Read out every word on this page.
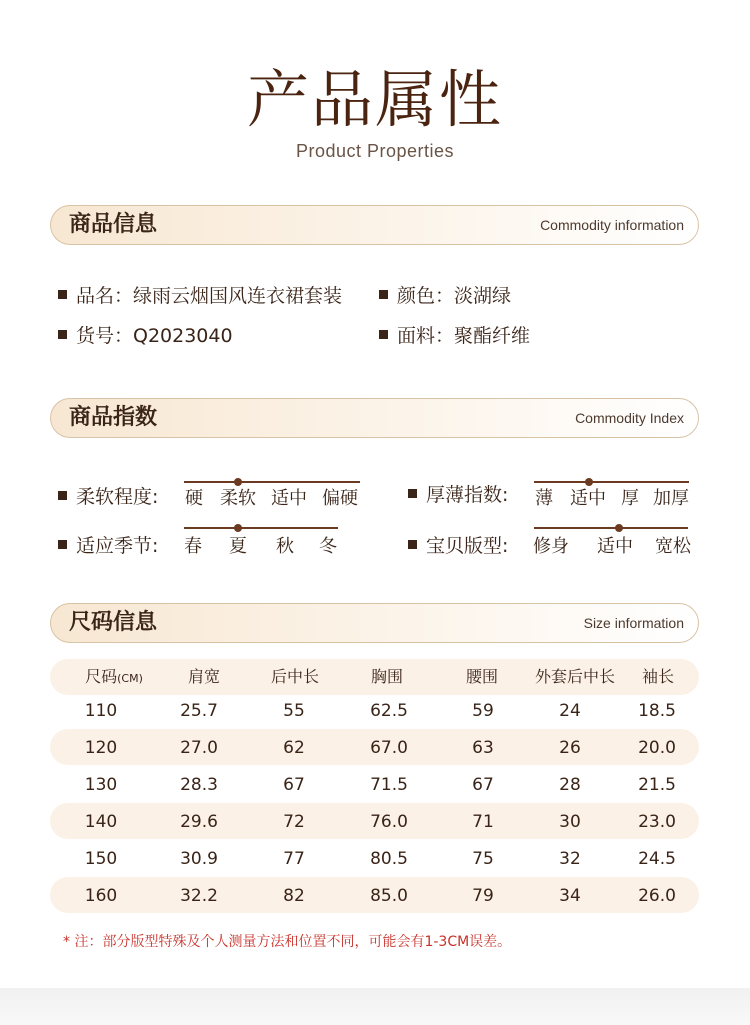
产品属性
Product Properties
商品信息	Commodity information
品名：绿雨云烟国风连衣裙套装	颜色：淡湖绿
货号：Q2023040	面料：聚酯纤维
商品指数	Commodity Index
柔软程度: 硬 柔软 适中 偏硬	厚薄指数: 薄 适中 厚 加厚
适应季节: 春 夏 秋 冬	宝贝版型: 修身 适中 宽松
尺码信息	Size information
尺码(CM)	肩宽	后中长	胸围	腰围	外套后中长	袖长
110	25.7	55	62.5	59	24	18.5
120	27.0	62	67.0	63	26	20.0
130	28.3	67	71.5	67	28	21.5
140	29.6	72	76.0	71	30	23.0
150	30.9	77	80.5	75	32	24.5
160	32.2	82	85.0	79	34	26.0
* 注：部分版型特殊及个人测量方法和位置不同，可能会有1-3CM误差。
